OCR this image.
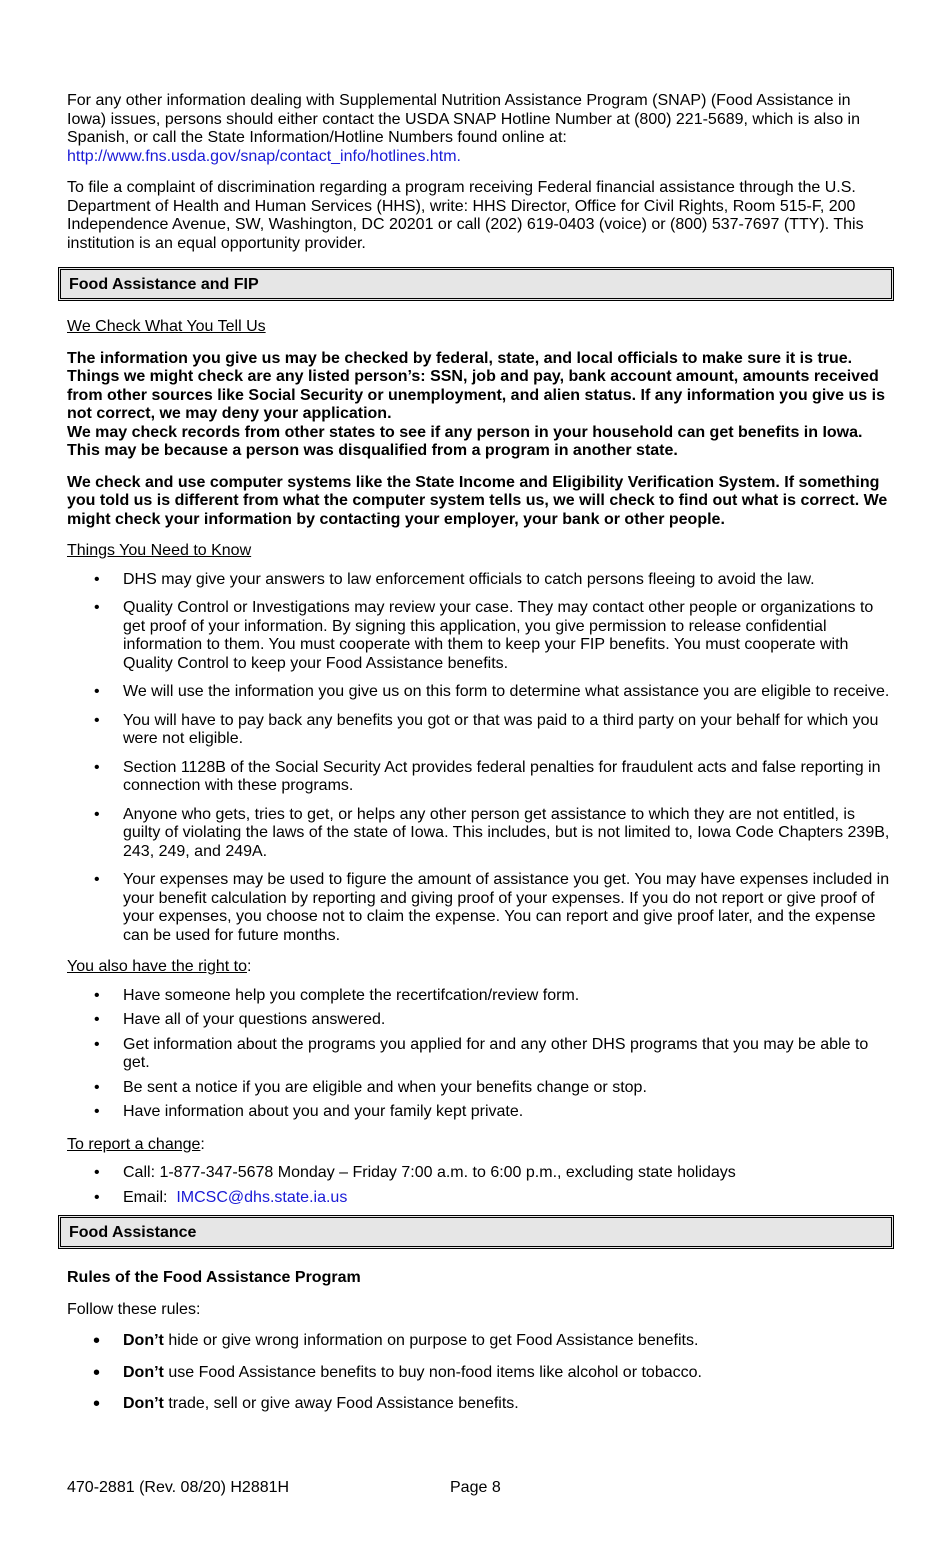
For any other information dealing with Supplemental Nutrition Assistance Program (SNAP) (Food Assistance in Iowa) issues, persons should either contact the USDA SNAP Hotline Number at (800) 221-5689, which is also in Spanish, or call the State Information/Hotline Numbers found online at:
http://www.fns.usda.gov/snap/contact_info/hotlines.htm.

To file a complaint of discrimination regarding a program receiving Federal financial assistance through the U.S. Department of Health and Human Services (HHS), write: HHS Director, Office for Civil Rights, Room 515-F, 200 Independence Avenue, SW, Washington, DC 20201 or call (202) 619-0403 (voice) or (800) 537-7697 (TTY). This institution is an equal opportunity provider.

Food Assistance and FIP

We Check What You Tell Us

The information you give us may be checked by federal, state, and local officials to make sure it is true. Things we might check are any listed person’s: SSN, job and pay, bank account amount, amounts received from other sources like Social Security or unemployment, and alien status. If any information you give us is not correct, we may deny your application.

We may check records from other states to see if any person in your household can get benefits in Iowa. This may be because a person was disqualified from a program in another state.

We check and use computer systems like the State Income and Eligibility Verification System. If something you told us is different from what the computer system tells us, we will check to find out what is correct. We might check your information by contacting your employer, your bank or other people.

Things You Need to Know

• DHS may give your answers to law enforcement officials to catch persons fleeing to avoid the law.
• Quality Control or Investigations may review your case. They may contact other people or organizations to get proof of your information. By signing this application, you give permission to release confidential information to them. You must cooperate with them to keep your FIP benefits. You must cooperate with Quality Control to keep your Food Assistance benefits.
• We will use the information you give us on this form to determine what assistance you are eligible to receive.
• You will have to pay back any benefits you got or that was paid to a third party on your behalf for which you were not eligible.
• Section 1128B of the Social Security Act provides federal penalties for fraudulent acts and false reporting in connection with these programs.
• Anyone who gets, tries to get, or helps any other person get assistance to which they are not entitled, is guilty of violating the laws of the state of Iowa. This includes, but is not limited to, Iowa Code Chapters 239B, 243, 249, and 249A.
• Your expenses may be used to figure the amount of assistance you get. You may have expenses included in your benefit calculation by reporting and giving proof of your expenses. If you do not report or give proof of your expenses, you choose not to claim the expense. You can report and give proof later, and the expense can be used for future months.

You also have the right to:

• Have someone help you complete the recertifcation/review form.
• Have all of your questions answered.
• Get information about the programs you applied for and any other DHS programs that you may be able to get.
• Be sent a notice if you are eligible and when your benefits change or stop.
• Have information about you and your family kept private.

To report a change:

• Call: 1-877-347-5678 Monday – Friday 7:00 a.m. to 6:00 p.m., excluding state holidays
• Email: IMCSC@dhs.state.ia.us
Food Assistance

Rules of the Food Assistance Program

Follow these rules:

• Don’t hide or give wrong information on purpose to get Food Assistance benefits.
• Don’t use Food Assistance benefits to buy non-food items like alcohol or tobacco.
• Don’t trade, sell or give away Food Assistance benefits.
470-2881 (Rev. 08/20) H2881H	Page 8
